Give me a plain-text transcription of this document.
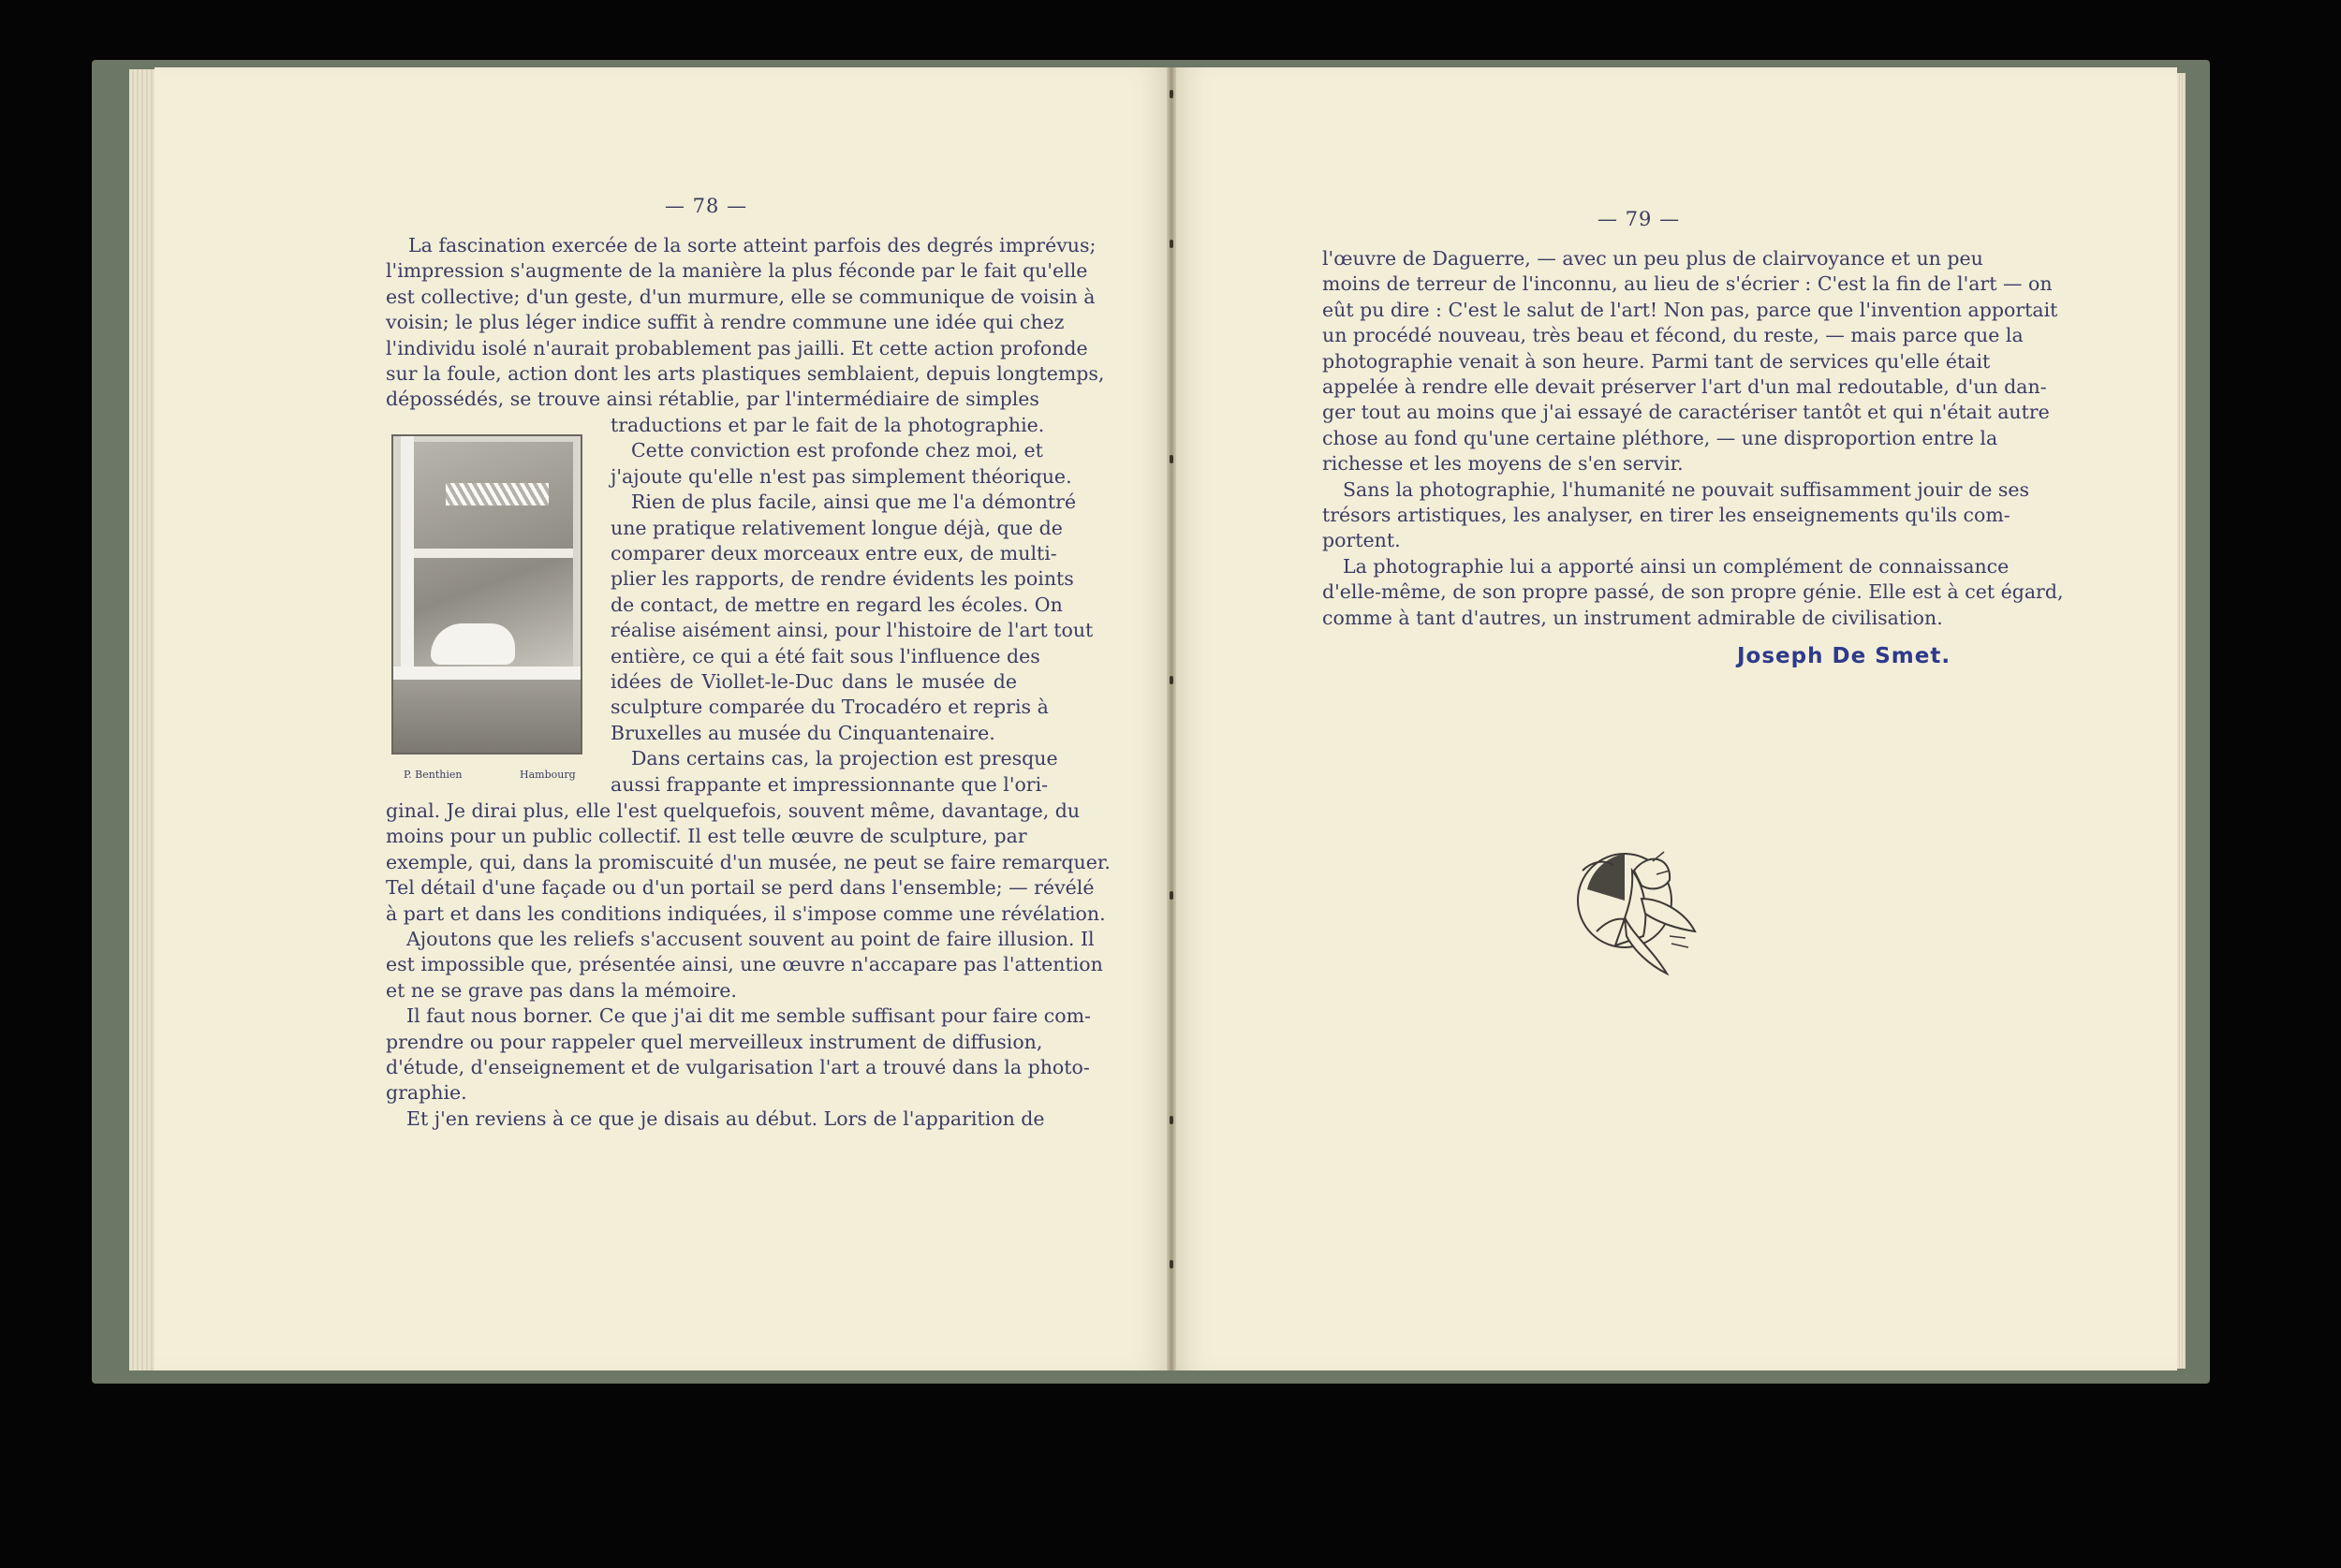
— 78 —
La fascination exercée de la sorte atteint parfois des degrés imprévus;
l'impression s'augmente de la manière la plus féconde par le fait qu'elle
est collective; d'un geste, d'un murmure, elle se communique de voisin à
voisin; le plus léger indice suffit à rendre commune une idée qui chez
l'individu isolé n'aurait probablement pas jailli. Et cette action profonde
sur la foule, action dont les arts plastiques semblaient, depuis longtemps,
dépossédés, se trouve ainsi rétablie, par l'intermédiaire de simples
traductions et par le fait de la photographie.
Cette conviction est profonde chez moi, et
j'ajoute qu'elle n'est pas simplement théorique.
Rien de plus facile, ainsi que me l'a démontré
une pratique relativement longue déjà, que de
comparer deux morceaux entre eux, de multi-
plier les rapports, de rendre évidents les points
de contact, de mettre en regard les écoles. On
réalise aisément ainsi, pour l'histoire de l'art tout
entière, ce qui a été fait sous l'influence des
idées de Viollet-le-Duc dans le musée de
sculpture comparée du Trocadéro et repris à
Bruxelles au musée du Cinquantenaire.
Dans certains cas, la projection est presque
aussi frappante et impressionnante que l'ori-
P. Benthien	Hambourg
ginal. Je dirai plus, elle l'est quelquefois, souvent même, davantage, du
moins pour un public collectif. Il est telle œuvre de sculpture, par
exemple, qui, dans la promiscuité d'un musée, ne peut se faire remarquer.
Tel détail d'une façade ou d'un portail se perd dans l'ensemble; — révélé
à part et dans les conditions indiquées, il s'impose comme une révélation.
Ajoutons que les reliefs s'accusent souvent au point de faire illusion. Il
est impossible que, présentée ainsi, une œuvre n'accapare pas l'attention
et ne se grave pas dans la mémoire.
Il faut nous borner. Ce que j'ai dit me semble suffisant pour faire com-
prendre ou pour rappeler quel merveilleux instrument de diffusion,
d'étude, d'enseignement et de vulgarisation l'art a trouvé dans la photo-
graphie.
Et j'en reviens à ce que je disais au début. Lors de l'apparition de
— 79 —
l'œuvre de Daguerre, — avec un peu plus de clairvoyance et un peu
moins de terreur de l'inconnu, au lieu de s'écrier : C'est la fin de l'art — on
eût pu dire : C'est le salut de l'art! Non pas, parce que l'invention apportait
un procédé nouveau, très beau et fécond, du reste, — mais parce que la
photographie venait à son heure. Parmi tant de services qu'elle était
appelée à rendre elle devait préserver l'art d'un mal redoutable, d'un dan-
ger tout au moins que j'ai essayé de caractériser tantôt et qui n'était autre
chose au fond qu'une certaine pléthore, — une disproportion entre la
richesse et les moyens de s'en servir.
Sans la photographie, l'humanité ne pouvait suffisamment jouir de ses
trésors artistiques, les analyser, en tirer les enseignements qu'ils com-
portent.
La photographie lui a apporté ainsi un complément de connaissance
d'elle-même, de son propre passé, de son propre génie. Elle est à cet égard,
comme à tant d'autres, un instrument admirable de civilisation.
Joseph De Smet.
